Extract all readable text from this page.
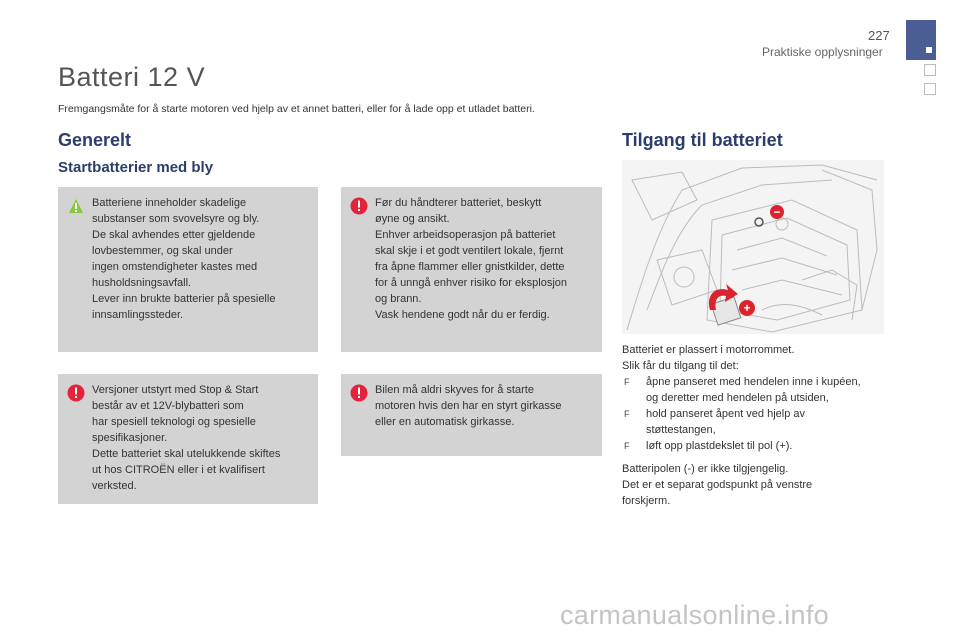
227
Praktiske opplysninger
Batteri 12 V
Fremgangsmåte for å starte motoren ved hjelp av et annet batteri, eller for å lade opp et utladet batteri.
Generelt
Startbatterier med bly

Batteriene inneholder skadelige
substanser som svovelsyre og bly.
De skal avhendes etter gjeldende
lovbestemmer, og skal under
ingen omstendigheter kastes med
husholdsningsavfall.
Lever inn brukte batterier på spesielle
innsamlingssteder.

Før du håndterer batteriet, beskytt
øyne og ansikt.
Enhver arbeidsoperasjon på batteriet
skal skje i et godt ventilert lokale, fjernt
fra åpne flammer eller gnistkilder, dette
for å unngå enhver risiko for eksplosjon
og brann.
Vask hendene godt når du er ferdig.

Versjoner utstyrt med Stop & Start
består av et 12V-blybatteri som
har spesiell teknologi og spesielle
spesifikasjoner.
Dette batteriet skal utelukkende skiftes
ut hos CITROËN eller i et kvalifisert
verksted.

Bilen må aldri skyves for å starte
motoren hvis den har en styrt girkasse
eller en automatisk girkasse.

Tilgang til batteriet
−
+

Batteriet er plassert i motorrommet.

Slik får du tilgang til det:

F åpne panseret med hendelen inne i kupéen,
og deretter med hendelen på utsiden,

F hold panseret åpent ved hjelp av
støttestangen,

F løft opp plastdekslet til pol (+).

Batteripolen (-) er ikke tilgjengelig.

Det er et separat godspunkt på venstre
forskjerm.

carmanualsonline.info
